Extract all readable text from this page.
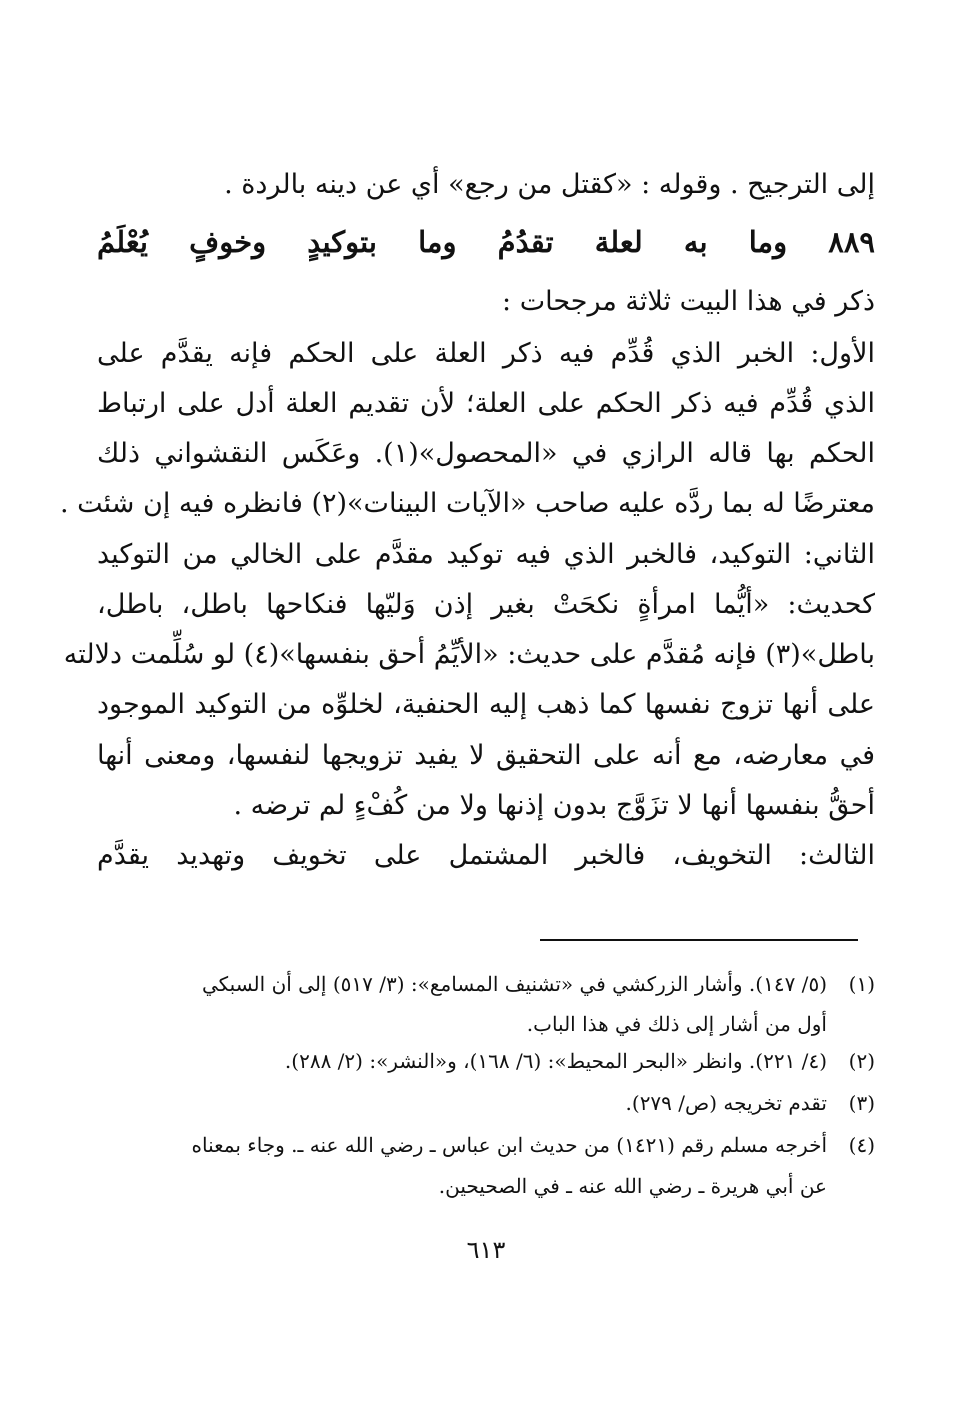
إلى الترجيح . وقوله : «كقتل من رجع» أي عن دينه بالردة .
٨٨٩ وما به لعلة تقدُمُ وما بتوكيدٍ وخوفٍ يُعْلَمُ
ذكر في هذا البيت ثلاثة مرجحات :
الأول: الخبر الذي قُدِّم فيه ذكر العلة على الحكم فإنه يقدَّم على
الذي قُدِّم فيه ذكر الحكم على العلة؛ لأن تقديم العلة أدل على ارتباط
الحكم بها قاله الرازي في «المحصول»(١). وعَكَس النقشواني ذلك
معترضًا له بما ردَّه عليه صاحب «الآيات البينات»(٢) فانظره فيه إن شئت .
الثاني: التوكيد، فالخبر الذي فيه توكيد مقدَّم على الخالي من التوكيد
كحديث: «أيُّما امرأةٍ نكحَتْ بغير إذن وَليّها فنكاحها باطل، باطل،
باطل»(٣) فإنه مُقدَّم على حديث: «الأيِّمُ أحق بنفسها»(٤) لو سُلِّمت دلالته
على أنها تزوج نفسها كما ذهب إليه الحنفية، لخلوِّه من التوكيد الموجود
في معارضه، مع أنه على التحقيق لا يفيد تزويجها لنفسها، ومعنى أنها
أحقُّ بنفسها أنها لا تزَوَّج بدون إذنها ولا من كُفْءٍ لم ترضه .
الثالث: التخويف، فالخبر المشتمل على تخويف وتهديد يقدَّم
(١)(٥/ ١٤٧). وأشار الزركشي في «تشنيف المسامع»: (٣/ ٥١٧) إلى أن السبكي
أول من أشار إلى ذلك في هذا الباب.
(٢)(٤/ ٢٢١). وانظر «البحر المحيط»: (٦/ ١٦٨)، و«النشر»: (٢/ ٢٨٨).
(٣)تقدم تخريجه (ص/ ٢٧٩).
(٤)أخرجه مسلم رقم (١٤٢١) من حديث ابن عباس ـ رضي الله عنه ـ. وجاء بمعناه
عن أبي هريرة ـ رضي الله عنه ـ في الصحيحين.
٦١٣
